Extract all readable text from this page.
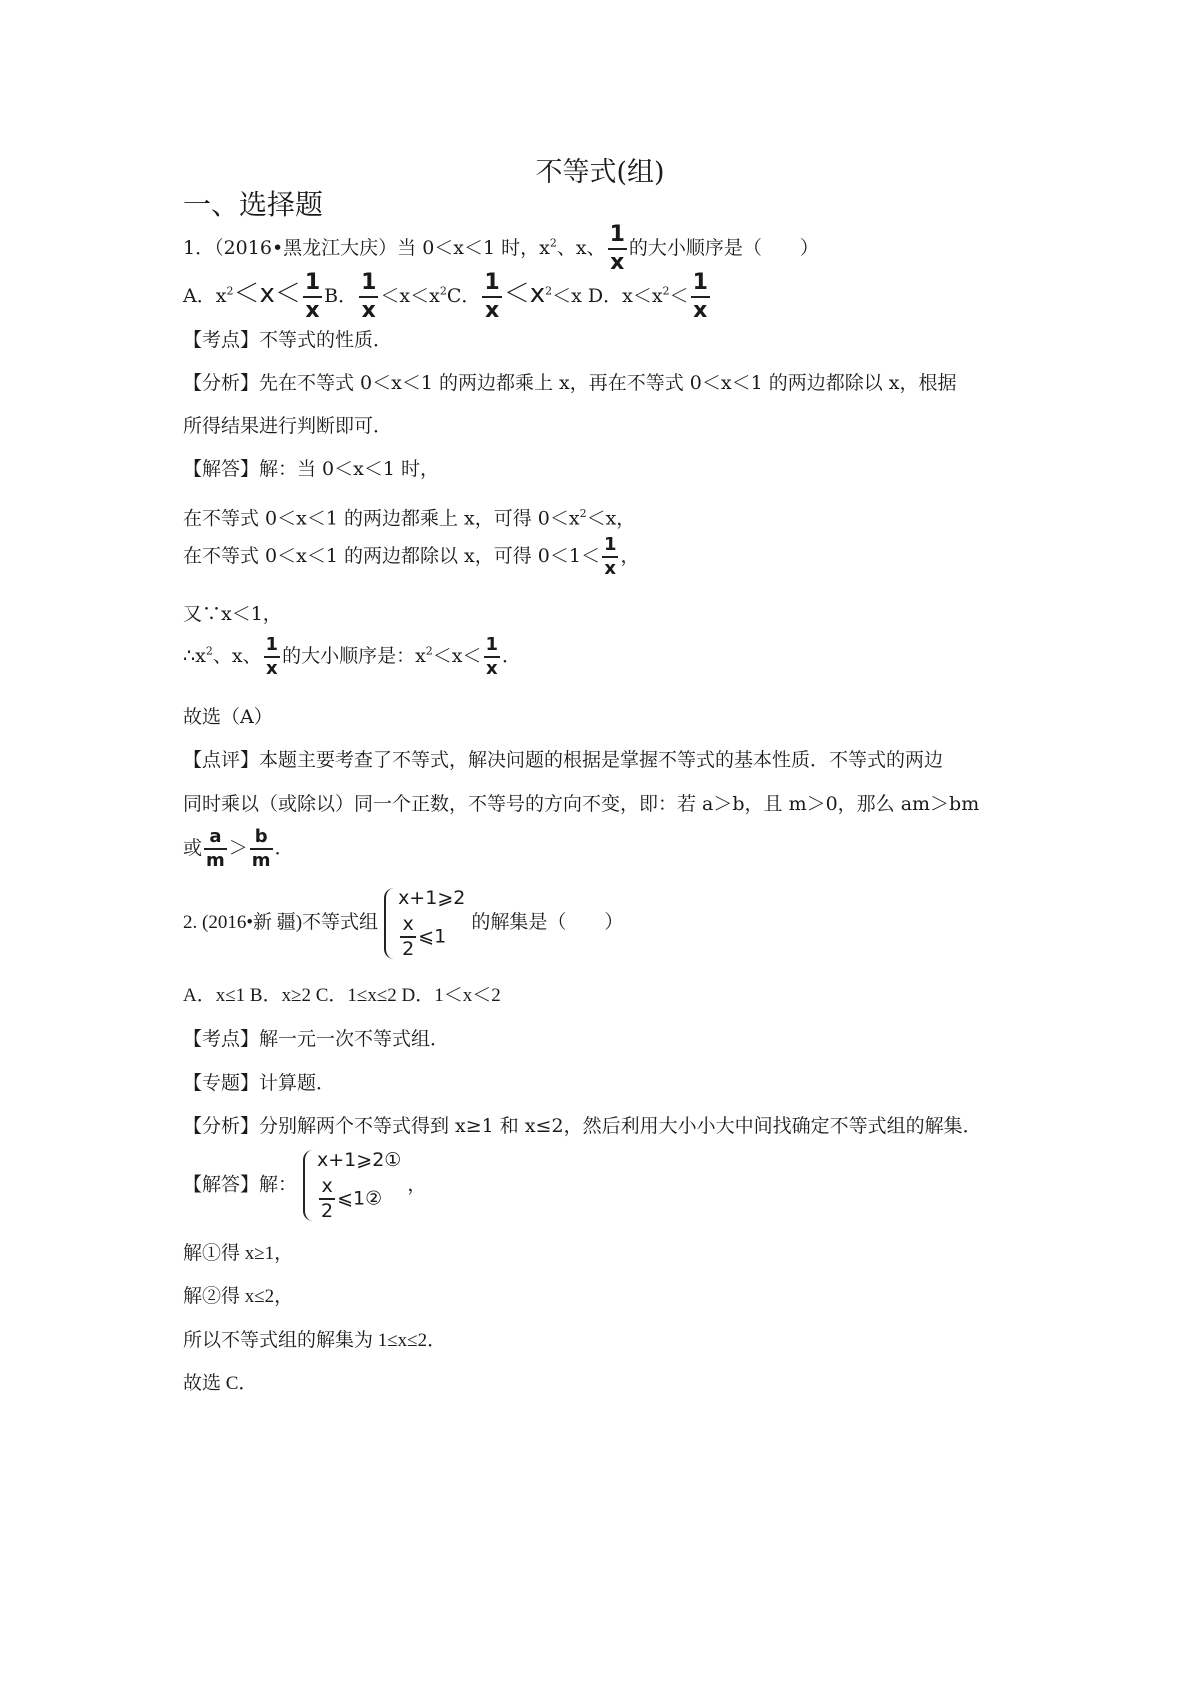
不等式(组)
一、选择题
1．（2016•黑龙江大庆）当 0＜x＜1 时，$x^2$、x、 $\frac{1}{x}$ 的大小顺序是（　　）
A．$x^2<x< \frac{1}{x}$ B． $\frac{1}{x} <x<x^2C$． $\frac{1}{x} <x^2<x$ D．$x<x^2< \frac{1}{x}$
【考点】不等式的性质．
【分析】先在不等式 0＜x＜1 的两边都乘上 x，再在不等式 0＜x＜1 的两边都除以 x，根据
所得结果进行判断即可．
【解答】解：当 0＜x＜1 时，
在不等式 0＜x＜1 的两边都乘上 x，可得 $0<x^2<x$，
在不等式 0＜x＜1 的两边都除以 x，可得 $0<1< \frac{1}{x}$ ，
又∵x＜1，
$\therefore x^2$、x、 $\frac{1}{x}$ 的大小顺序是：$x^2<x< \frac{1}{x}$ ．
故选（A）
【点评】本题主要考查了不等式，解决问题的根据是掌握不等式的基本性质．不等式的两边
同时乘以（或除以）同一个正数，不等号的方向不变，即：若 a＞b，且 m＞0，那么 am＞bm
或 $\frac{a}{m} > \frac{b}{m}$ ．
2. (2016•新 疆)不等式组
x+1⩾2
$\frac{x}{2}$ ⩽1
的解集是（　　）
A．x≤1 B．x≥2 C．1≤x≤2 D．1＜x＜2
【考点】解一元一次不等式组．
【专题】计算题．
【分析】分别解两个不等式得到 x≥1 和 x≤2，然后利用大小小大中间找确定不等式组的解集．
【解答】解：
x+1⩾2①
$\frac{x}{2}$ ⩽1②
，
解①得 x≥1，
解②得 x≤2，
所以不等式组的解集为 1≤x≤2．
故选 C．
